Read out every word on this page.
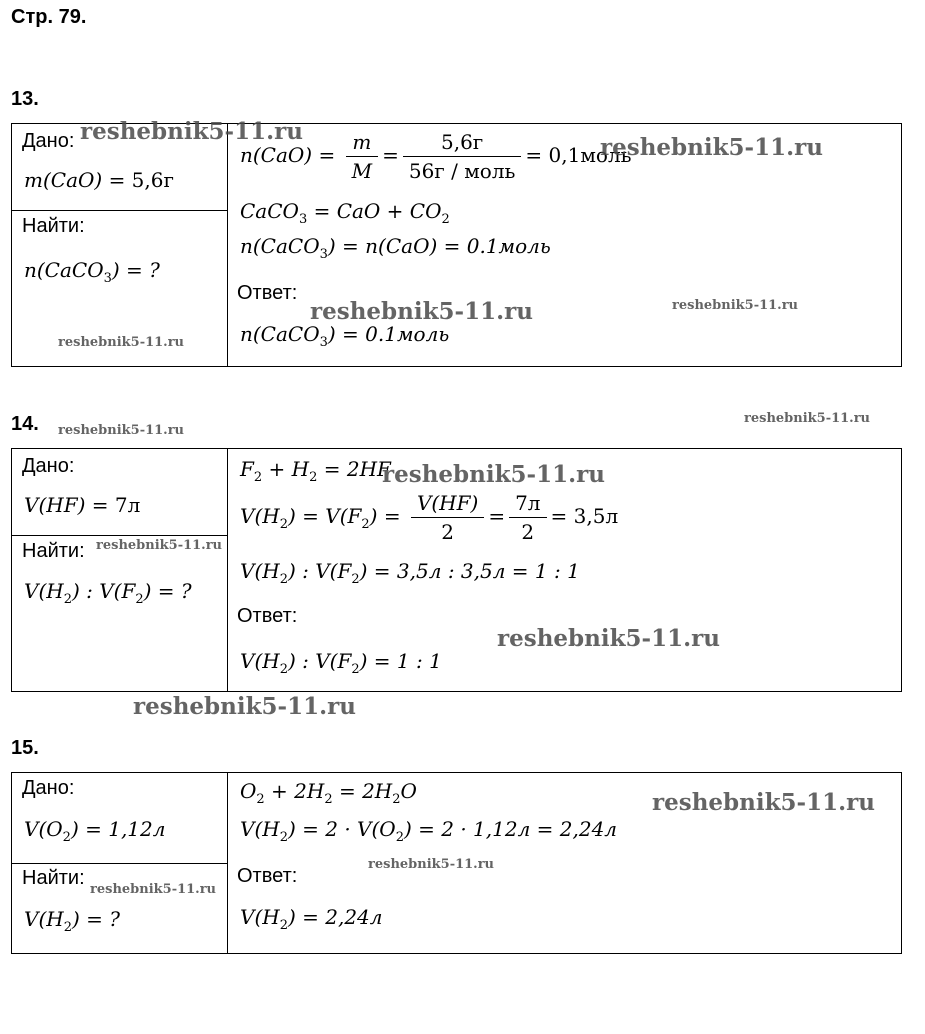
Стр. 79.
13.
Дано:
m(CaO) = 5,6г
Найти:
n(CaCO$_3$) = ?
$n(CaO) = \frac{m}{M} = \frac{5,6г}{\text{56г / моль}}$ = 0,1моль
CaCO$_3$ = CaO + $CO_2$
n(CaCO$_3$) = n(CaO) = 0.1моль
Ответ:
n(CaCO$_3$) = 0.1моль
14.
Дано:
V(HF) = 7л
Найти:
$V(H_2)$ : $V(F_2)$ = ?
$F_2 + H_2 = 2HF$
$V(H_2) = V(F_2) = \frac{V(HF)}{2} = \frac{7л}{2} = 3,5л$
$V(H_2)$ : $V(F_2) = 3,5л$ : 3,5л = 1 : 1
Ответ:
$V(H_2)$ : $V(F_2) = 1$ : 1
15.
Дано:
$V(O_2) = 1,12л$
Найти:
$V(H_2)$ = ?
$O_2 + 2H_2 = 2H_2O$
$V(H_2) = 2 \cdot V(O_2) = 2 \cdot 1,12л = 2,24л$
Ответ:
$V(H_2) = 2,24л$
reshebnik5-11.ru
reshebnik5-11.ru
reshebnik5-11.ru	reshebnik5-11.ru
reshebnik5-11.ru
reshebnik5-11.ru
reshebnik5-11.ru
reshebnik5-11.ru
reshebnik5-11.ru
reshebnik5-11.ru
reshebnik5-11.ru
reshebnik5-11.ru
reshebnik5-11.ru
reshebnik5-11.ru
